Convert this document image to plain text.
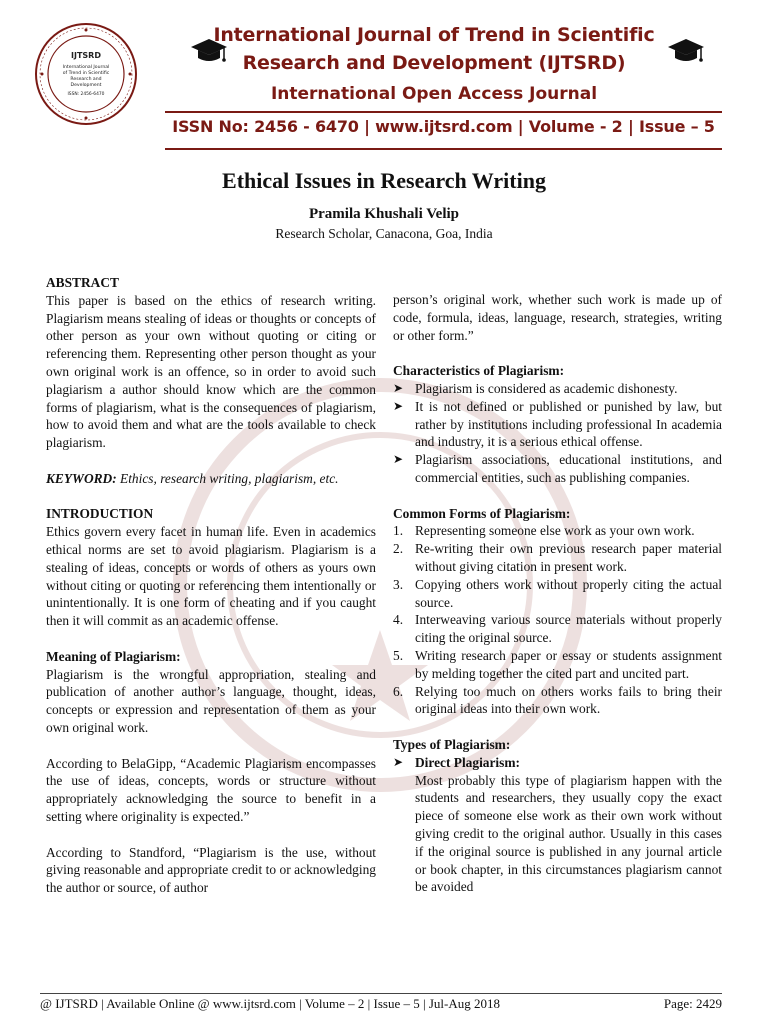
IJTSRD
International Journal
of Trend in Scientific
Research and
Development
ISSN: 2456-6470

International Journal of Trend in Scientific

Research and Development (IJTSRD)

International Open Access Journal

ISSN No: 2456 - 6470 | www.ijtsrd.com | Volume - 2 | Issue – 5
Ethical Issues in Research Writing
Pramila Khushali Velip
Research Scholar, Canacona, Goa, India

ABSTRACT

This paper is based on the ethics of research writing. Plagiarism means stealing of ideas or thoughts or concepts of other person as your own without quoting or citing or referencing them. Representing other person thought as your own original work is an offence, so in order to avoid such plagiarism a author should know which are the common forms of plagiarism, what is the consequences of plagiarism, how to avoid them and what are the tools available to check plagiarism.

KEYWORD: Ethics, research writing, plagiarism, etc.

INTRODUCTION

Ethics govern every facet in human life. Even in academics ethical norms are set to avoid plagiarism. Plagiarism is a stealing of ideas, concepts or words of others as yours own without citing or quoting or referencing them intentionally or unintentionally. It is one form of cheating and if you caught then it will commit as an academic offense.

Meaning of Plagiarism:

Plagiarism is the wrongful appropriation, stealing and publication of another author’s language, thought, ideas, concepts or expression and representation of them as your own original work.

According to BelaGipp, “Academic Plagiarism encompasses the use of ideas, concepts, words or structure without appropriately acknowledging the source to benefit in a setting where originality is expected.”

According to Standford, “Plagiarism is the use, without giving reasonable and appropriate credit to or acknowledging the author or source, of author

person’s original work, whether such work is made up of code, formula, ideas, language, research, strategies, writing or other form.”

Characteristics of Plagiarism:

➤ Plagiarism is considered as academic dishonesty.
➤ It is not defined or published or punished by law, but rather by institutions including professional In academia and industry, it is a serious ethical offense.
➤ Plagiarism associations, educational institutions, and commercial entities, such as publishing companies.

Common Forms of Plagiarism:

1. Representing someone else work as your own work.
2. Re-writing their own previous research paper material without giving citation in present work.
3. Copying others work without properly citing the actual source.
4. Interweaving various source materials without properly citing the original source.
5. Writing research paper or essay or students assignment by melding together the cited part and uncited part.
6. Relying too much on others works fails to bring their original ideas into their own work.

Types of Plagiarism:

➤ Direct Plagiarism:

Most probably this type of plagiarism happen with the students and researchers, they usually copy the exact piece of someone else work as their own work without giving credit to the original author. Usually in this cases if the original source is published in any journal article or book chapter, in this circumstances plagiarism cannot be avoided

@ IJTSRD | Available Online @ www.ijtsrd.com | Volume – 2 | Issue – 5 | Jul-Aug 2018	Page: 2429
